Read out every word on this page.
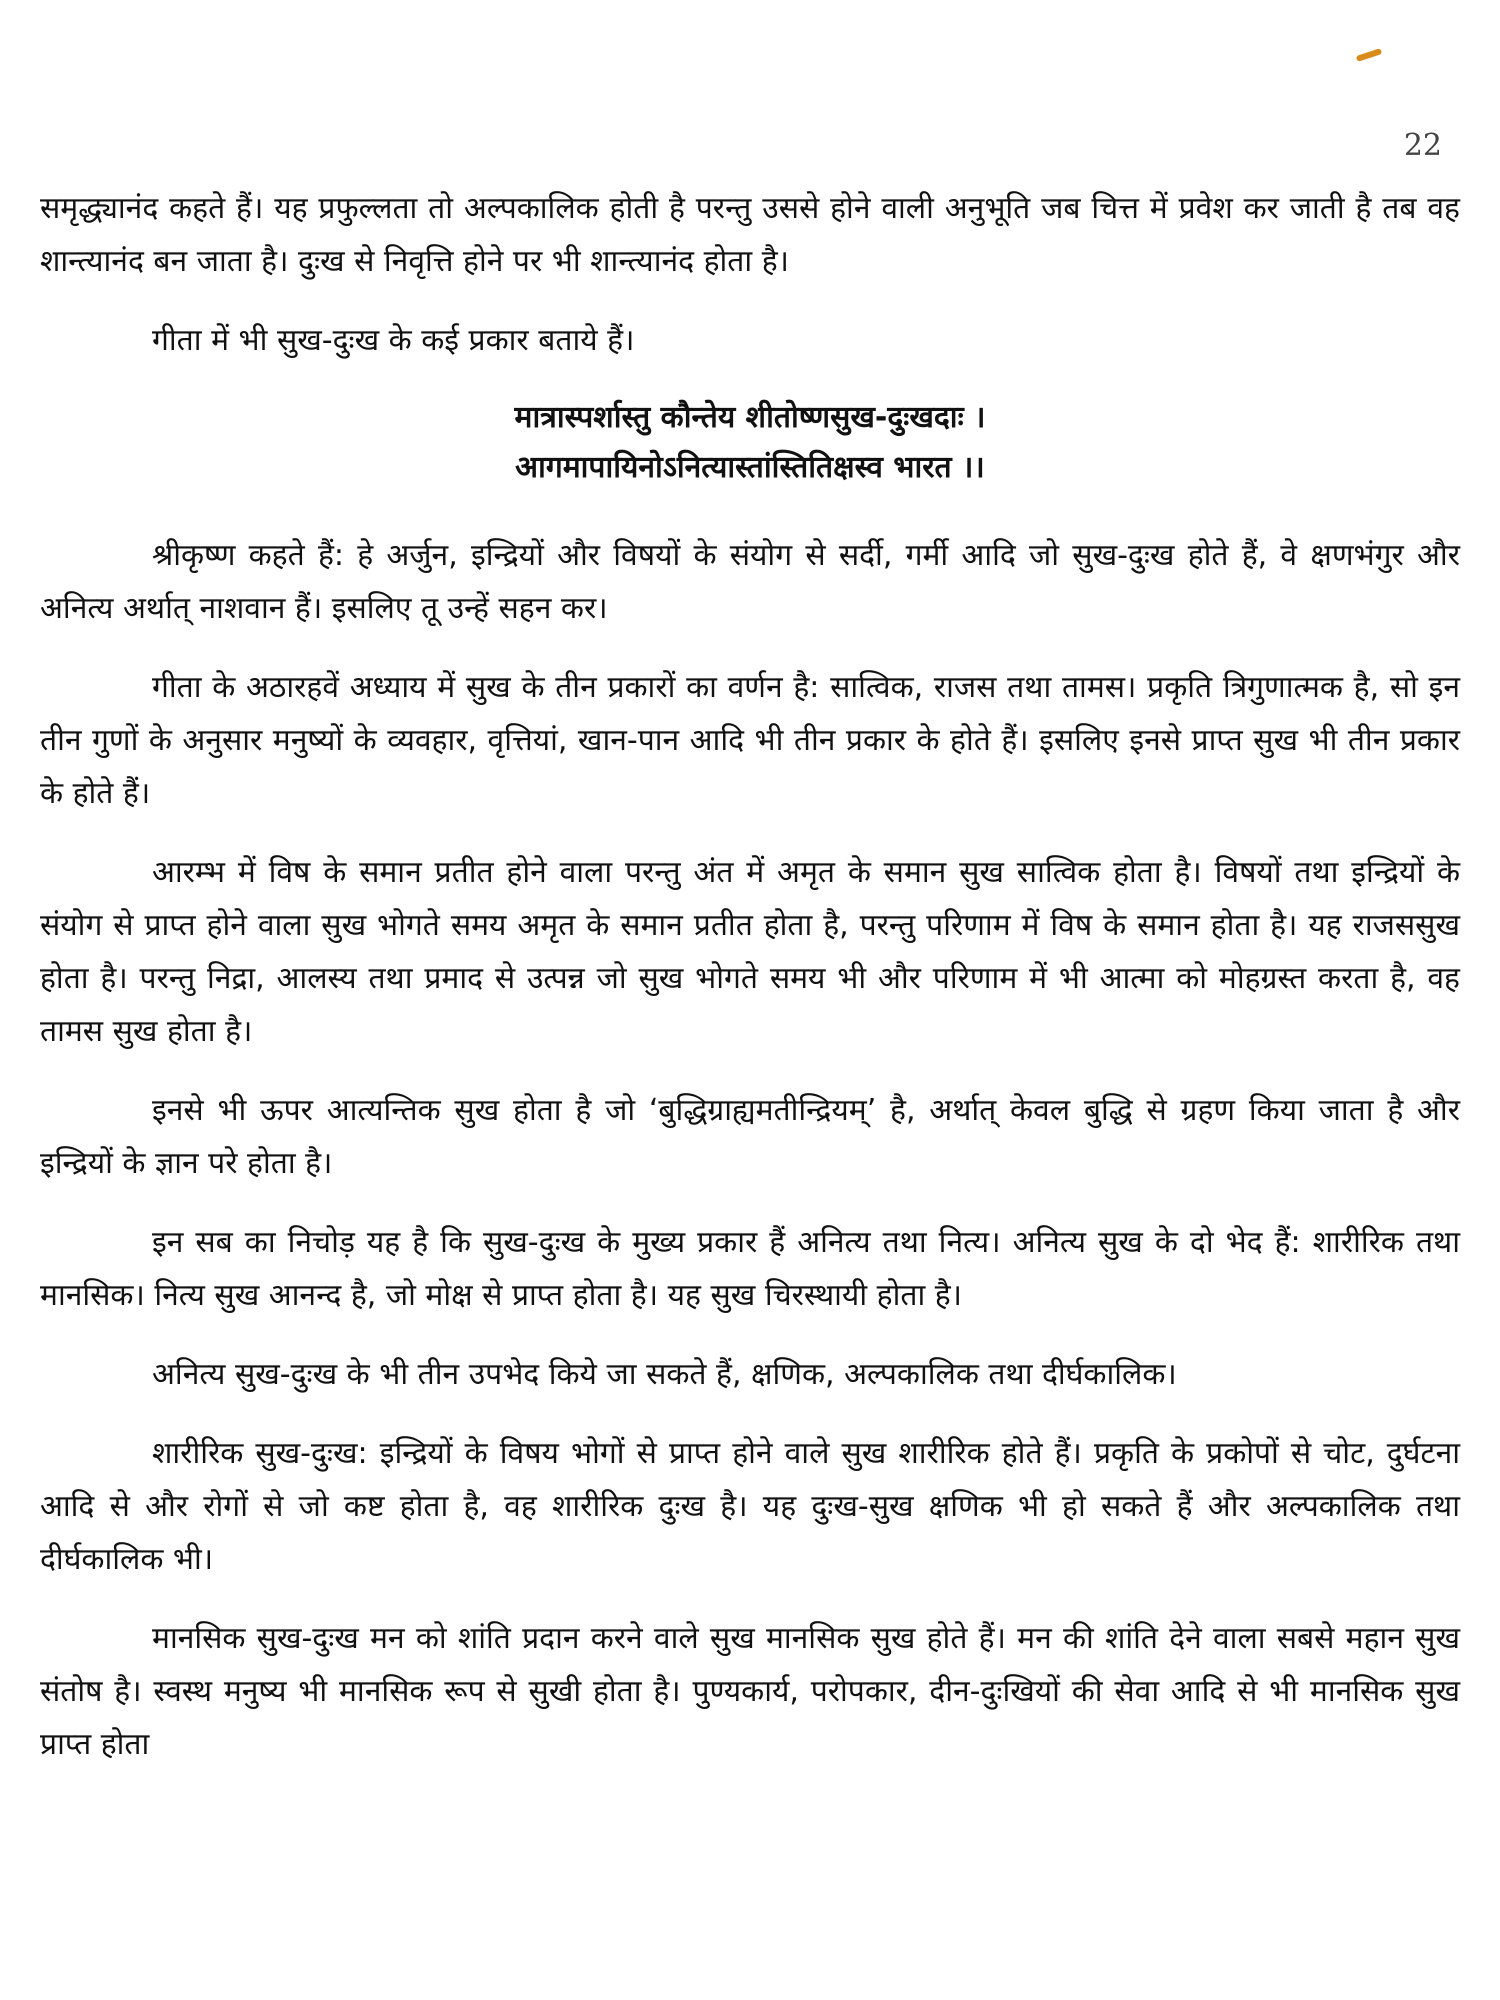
22

समृद्ध्यानंद कहते हैं। यह प्रफुल्लता तो अल्पकालिक होती है परन्तु उससे होने वाली अनुभूति जब चित्त में प्रवेश कर जाती है तब वह शान्त्यानंद बन जाता है। दुःख से निवृत्ति होने पर भी शान्त्यानंद होता है।

गीता में भी सुख-दुःख के कई प्रकार बताये हैं।

मात्रास्पर्शास्तु कौन्तेय शीतोष्णसुख-दुःखदाः ।
आगमापायिनोऽनित्यास्तांस्तितिक्षस्व भारत ।।

श्रीकृष्ण कहते हैं: हे अर्जुन, इन्द्रियों और विषयों के संयोग से सर्दी, गर्मी आदि जो सुख-दुःख होते हैं, वे क्षणभंगुर और अनित्य अर्थात् नाशवान हैं। इसलिए तू उन्हें सहन कर।

गीता के अठारहवें अध्याय में सुख के तीन प्रकारों का वर्णन है: सात्विक, राजस तथा तामस। प्रकृति त्रिगुणात्मक है, सो इन तीन गुणों के अनुसार मनुष्यों के व्यवहार, वृत्तियां, खान-पान आदि भी तीन प्रकार के होते हैं। इसलिए इनसे प्राप्त सुख भी तीन प्रकार के होते हैं।

आरम्भ में विष के समान प्रतीत होने वाला परन्तु अंत में अमृत के समान सुख सात्विक होता है। विषयों तथा इन्द्रियों के संयोग से प्राप्त होने वाला सुख भोगते समय अमृत के समान प्रतीत होता है, परन्तु परिणाम में विष के समान होता है। यह राजससुख होता है। परन्तु निद्रा, आलस्य तथा प्रमाद से उत्पन्न जो सुख भोगते समय भी और परिणाम में भी आत्मा को मोहग्रस्त करता है, वह तामस सुख होता है।

इनसे भी ऊपर आत्यन्तिक सुख होता है जो ‘बुद्धिग्राह्यमतीन्द्रियम्’ है, अर्थात् केवल बुद्धि से ग्रहण किया जाता है और इन्द्रियों के ज्ञान परे होता है।

इन सब का निचोड़ यह है कि सुख-दुःख के मुख्य प्रकार हैं अनित्य तथा नित्य। अनित्य सुख के दो भेद हैं: शारीरिक तथा मानसिक। नित्य सुख आनन्द है, जो मोक्ष से प्राप्त होता है। यह सुख चिरस्थायी होता है।

अनित्य सुख-दुःख के भी तीन उपभेद किये जा सकते हैं, क्षणिक, अल्पकालिक तथा दीर्घकालिक।

शारीरिक सुख-दुःख: इन्द्रियों के विषय भोगों से प्राप्त होने वाले सुख शारीरिक होते हैं। प्रकृति के प्रकोपों से चोट, दुर्घटना आदि से और रोगों से जो कष्ट होता है, वह शारीरिक दुःख है। यह दुःख-सुख क्षणिक भी हो सकते हैं और अल्पकालिक तथा दीर्घकालिक भी।

मानसिक सुख-दुःख मन को शांति प्रदान करने वाले सुख मानसिक सुख होते हैं। मन की शांति देने वाला सबसे महान सुख संतोष है। स्वस्थ मनुष्य भी मानसिक रूप से सुखी होता है। पुण्यकार्य, परोपकार, दीन-दुःखियों की सेवा आदि से भी मानसिक सुख प्राप्त होता
